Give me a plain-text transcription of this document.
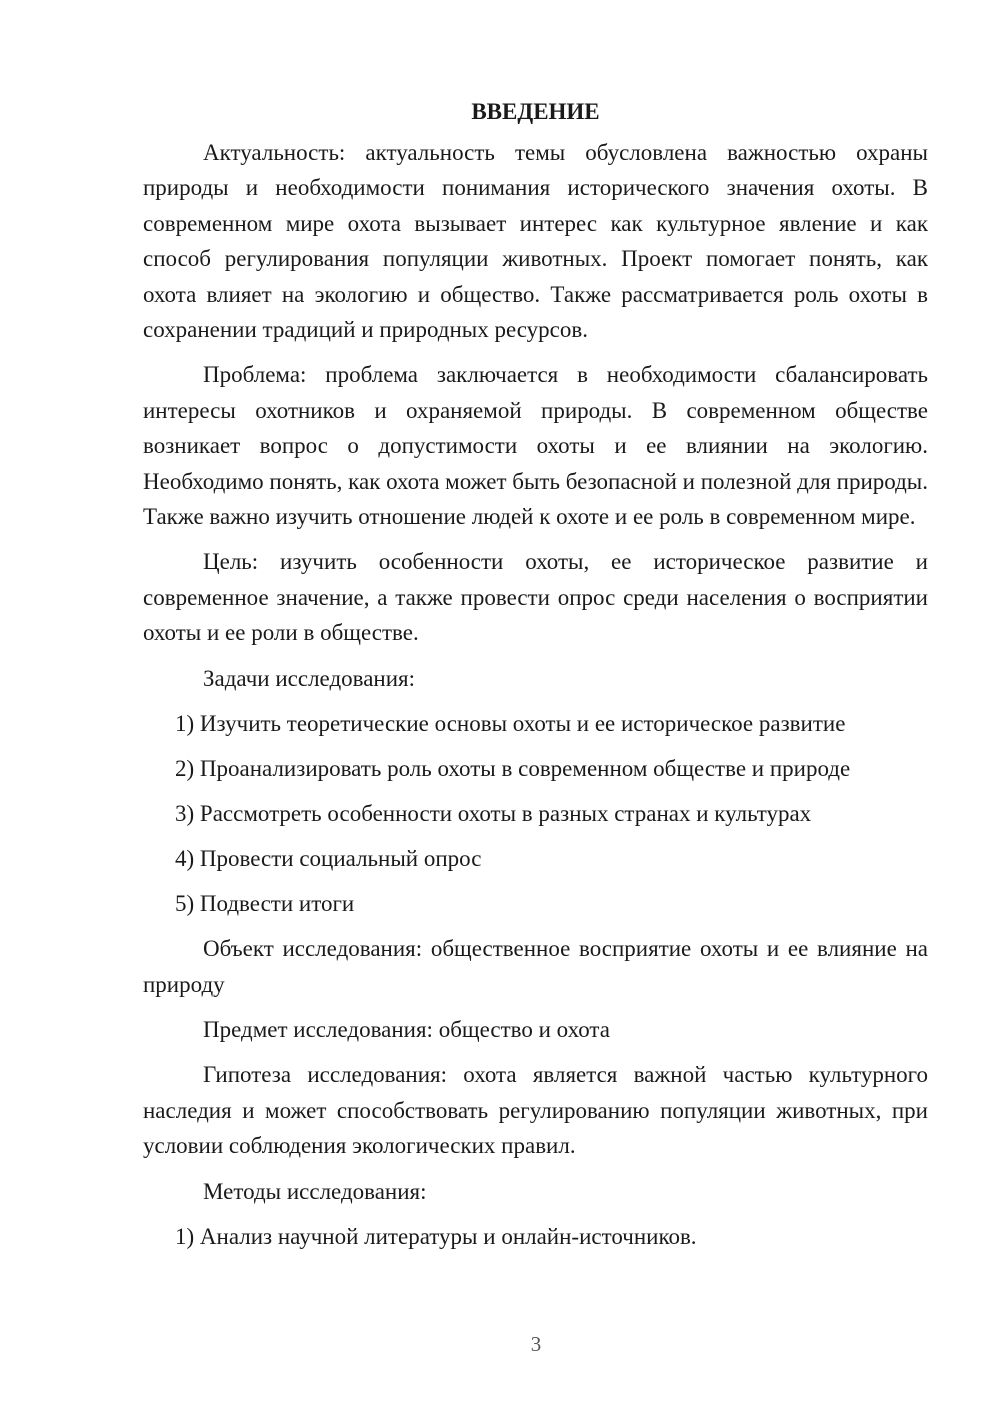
ВВЕДЕНИЕ

Актуальность: актуальность темы обусловлена важностью охраны природы и необходимости понимания исторического значения охоты. В современном мире охота вызывает интерес как культурное явление и как способ регулирования популяции животных. Проект помогает понять, как охота влияет на экологию и общество. Также рассматривается роль охоты в сохранении традиций и природных ресурсов.

Проблема: проблема заключается в необходимости сбалансировать интересы охотников и охраняемой природы. В современном обществе возникает вопрос о допустимости охоты и ее влиянии на экологию. Необходимо понять, как охота может быть безопасной и полезной для природы. Также важно изучить отношение людей к охоте и ее роль в современном мире.

Цель: изучить особенности охоты, ее историческое развитие и современное значение, а также провести опрос среди населения о восприятии охоты и ее роли в обществе.

Задачи исследования:
1) Изучить теоретические основы охоты и ее историческое развитие
2) Проанализировать роль охоты в современном обществе и природе
3) Рассмотреть особенности охоты в разных странах и культурах
4) Провести социальный опрос
5) Подвести итоги

Объект исследования: общественное восприятие охоты и ее влияние на природу

Предмет исследования: общество и охота

Гипотеза исследования: охота является важной частью культурного наследия и может способствовать регулированию популяции животных, при условии соблюдения экологических правил.

Методы исследования:
1) Анализ научной литературы и онлайн-источников.
3
